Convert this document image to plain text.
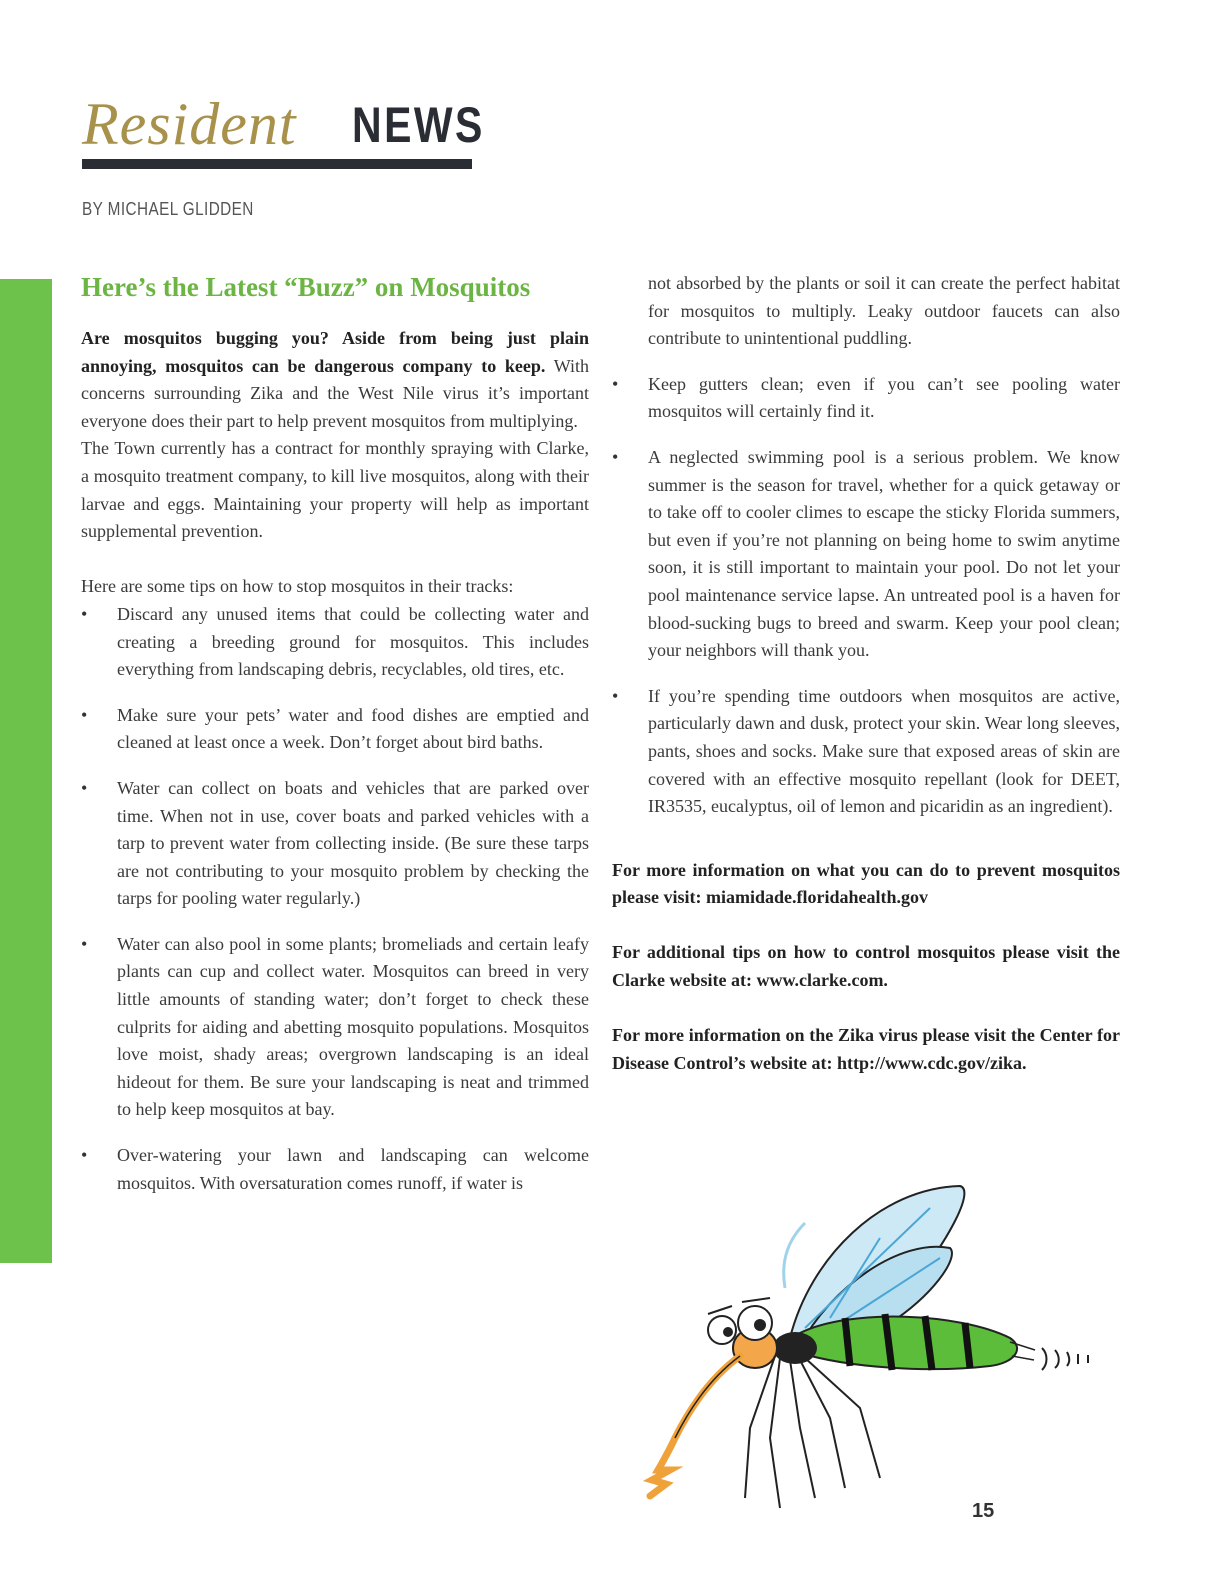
Resident NEWS
BY MICHAEL GLIDDEN
Here’s the Latest “Buzz” on Mosquitos

Are mosquitos bugging you? Aside from being just plain annoying, mosquitos can be dangerous company to keep. With concerns surrounding Zika and the West Nile virus it’s important everyone does their part to help prevent mosquitos from multiplying.

The Town currently has a contract for monthly spraying with Clarke, a mosquito treatment company, to kill live mosquitos, along with their larvae and eggs. Maintaining your property will help as important supplemental prevention.

Here are some tips on how to stop mosquitos in their tracks:

• Discard any unused items that could be collecting water and creating a breeding ground for mosquitos. This includes everything from landscaping debris, recyclables, old tires, etc.
• Make sure your pets’ water and food dishes are emptied and cleaned at least once a week. Don’t forget about bird baths.
• Water can collect on boats and vehicles that are parked over time. When not in use, cover boats and parked vehicles with a tarp to prevent water from collecting inside. (Be sure these tarps are not contributing to your mosquito problem by checking the tarps for pooling water regularly.)
• Water can also pool in some plants; bromeliads and certain leafy plants can cup and collect water. Mosquitos can breed in very little amounts of standing water; don’t forget to check these culprits for aiding and abetting mosquito populations. Mosquitos love moist, shady areas; overgrown landscaping is an ideal hideout for them. Be sure your landscaping is neat and trimmed to help keep mosquitos at bay.
• Over-watering your lawn and landscaping can welcome mosquitos. With oversaturation comes runoff, if water is

not absorbed by the plants or soil it can create the perfect habitat for mosquitos to multiply. Leaky outdoor faucets can also contribute to unintentional puddling.

• Keep gutters clean; even if you can’t see pooling water mosquitos will certainly find it.
• A neglected swimming pool is a serious problem. We know summer is the season for travel, whether for a quick getaway or to take off to cooler climes to escape the sticky Florida summers, but even if you’re not planning on being home to swim anytime soon, it is still important to maintain your pool. Do not let your pool maintenance service lapse. An untreated pool is a haven for blood-sucking bugs to breed and swarm. Keep your pool clean; your neighbors will thank you.
• If you’re spending time outdoors when mosquitos are active, particularly dawn and dusk, protect your skin. Wear long sleeves, pants, shoes and socks. Make sure that exposed areas of skin are covered with an effective mosquito repellant (look for DEET, IR3535, eucalyptus, oil of lemon and picaridin as an ingredient).

For more information on what you can do to prevent mosquitos please visit: miamidade.floridahealth.gov

For additional tips on how to control mosquitos please visit the Clarke website at: www.clarke.com.

For more information on the Zika virus please visit the Center for Disease Control’s website at: http://www.cdc.gov/zika.

15
